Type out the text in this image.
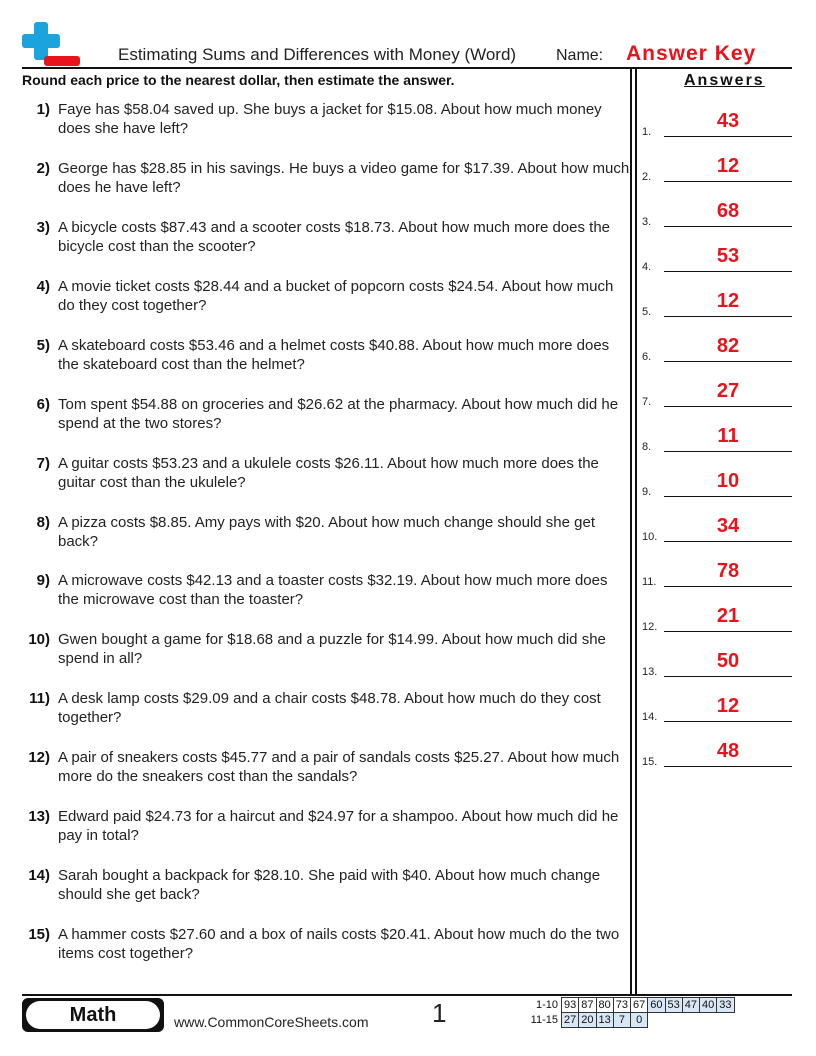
Estimating Sums and Differences with Money (Word) Name: Answer Key
Round each price to the nearest dollar, then estimate the answer.	Answers
1) Faye has $58.04 saved up. She buys a jacket for $15.08. About how much money does she have left?
2) George has $28.85 in his savings. He buys a video game for $17.39. About how much does he have left?
3) A bicycle costs $87.43 and a scooter costs $18.73. About how much more does the bicycle cost than the scooter?
4) A movie ticket costs $28.44 and a bucket of popcorn costs $24.54. About how much do they cost together?
5) A skateboard costs $53.46 and a helmet costs $40.88. About how much more does the skateboard cost than the helmet?
6) Tom spent $54.88 on groceries and $26.62 at the pharmacy. About how much did he spend at the two stores?
7) A guitar costs $53.23 and a ukulele costs $26.11. About how much more does the guitar cost than the ukulele?
8) A pizza costs $8.85. Amy pays with $20. About how much change should she get back?
9) A microwave costs $42.13 and a toaster costs $32.19. About how much more does the microwave cost than the toaster?
10) Gwen bought a game for $18.68 and a puzzle for $14.99. About how much did she spend in all?
11) A desk lamp costs $29.09 and a chair costs $48.78. About how much do they cost together?
12) A pair of sneakers costs $45.77 and a pair of sandals costs $25.27. About how much more do the sneakers cost than the sandals?
13) Edward paid $24.73 for a haircut and $24.97 for a shampoo. About how much did he pay in total?
14) Sarah bought a backpack for $28.10. She paid with $40. About how much change should she get back?
15) A hammer costs $27.60 and a box of nails costs $20.41. About how much do the two items cost together?
1.	43
2.	12
3.	68
4.	53
5.	12
6.	82
7.	27
8.	11
9.	10
10.	34
11.	78
12.	21
13.	50
14.	12
15.	48
Math	www.CommonCoreSheets.com 1	1-10	93	87	80	73	67	60	53	47	40	33
11-15	27	20	13	7	0					
